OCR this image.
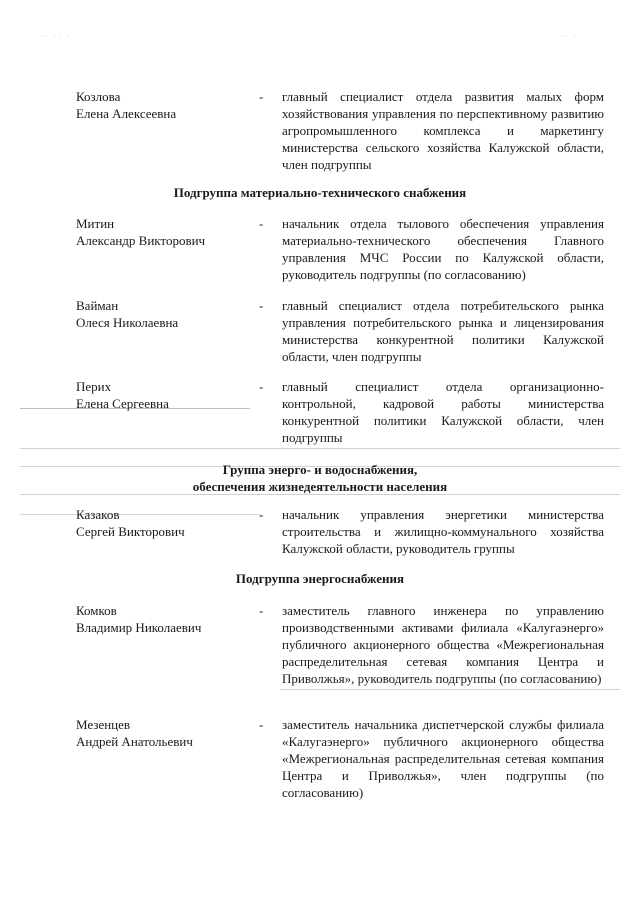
·· ·· ·	·· ·
Козлова
Елена Алексеевна
- главный специалист отдела развития малых форм хозяйствования управления по перспективному развитию агропромышленного комплекса и маркетингу министерства сельского хозяйства Калужской области, член подгруппы
Подгруппа материально-технического снабжения
Митин
Александр Викторович
- начальник отдела тылового обеспечения управления материально-технического обеспечения Главного управления МЧС России по Калужской области, руководитель подгруппы (по согласованию)
Вайман
Олеся Николаевна
- главный специалист отдела потребительского рынка управления потребительского рынка и лицензирования министерства конкурентной политики Калужской области, член подгруппы
Перих
Елена Сергеевна
- главный специалист отдела организационно-контрольной, кадровой работы министерства конкурентной политики Калужской области, член подгруппы
Группа энерго- и водоснабжения,
обеспечения жизнедеятельности населения
Казаков
Сергей Викторович
- начальник управления энергетики министерства строительства и жилищно-коммунального хозяйства Калужской области, руководитель группы
Подгруппа энергоснабжения
Комков
Владимир Николаевич
- заместитель главного инженера по управлению производственными активами филиала «Калугаэнерго» публичного акционерного общества «Межрегиональная распределительная сетевая компания Центра и Приволжья», руководитель подгруппы (по согласованию)
Мезенцев
Андрей Анатольевич
- заместитель начальника диспетчерской службы филиала «Калугаэнерго» публичного акционерного общества «Межрегиональная распределительная сетевая компания Центра и Приволжья», член подгруппы (по согласованию)
